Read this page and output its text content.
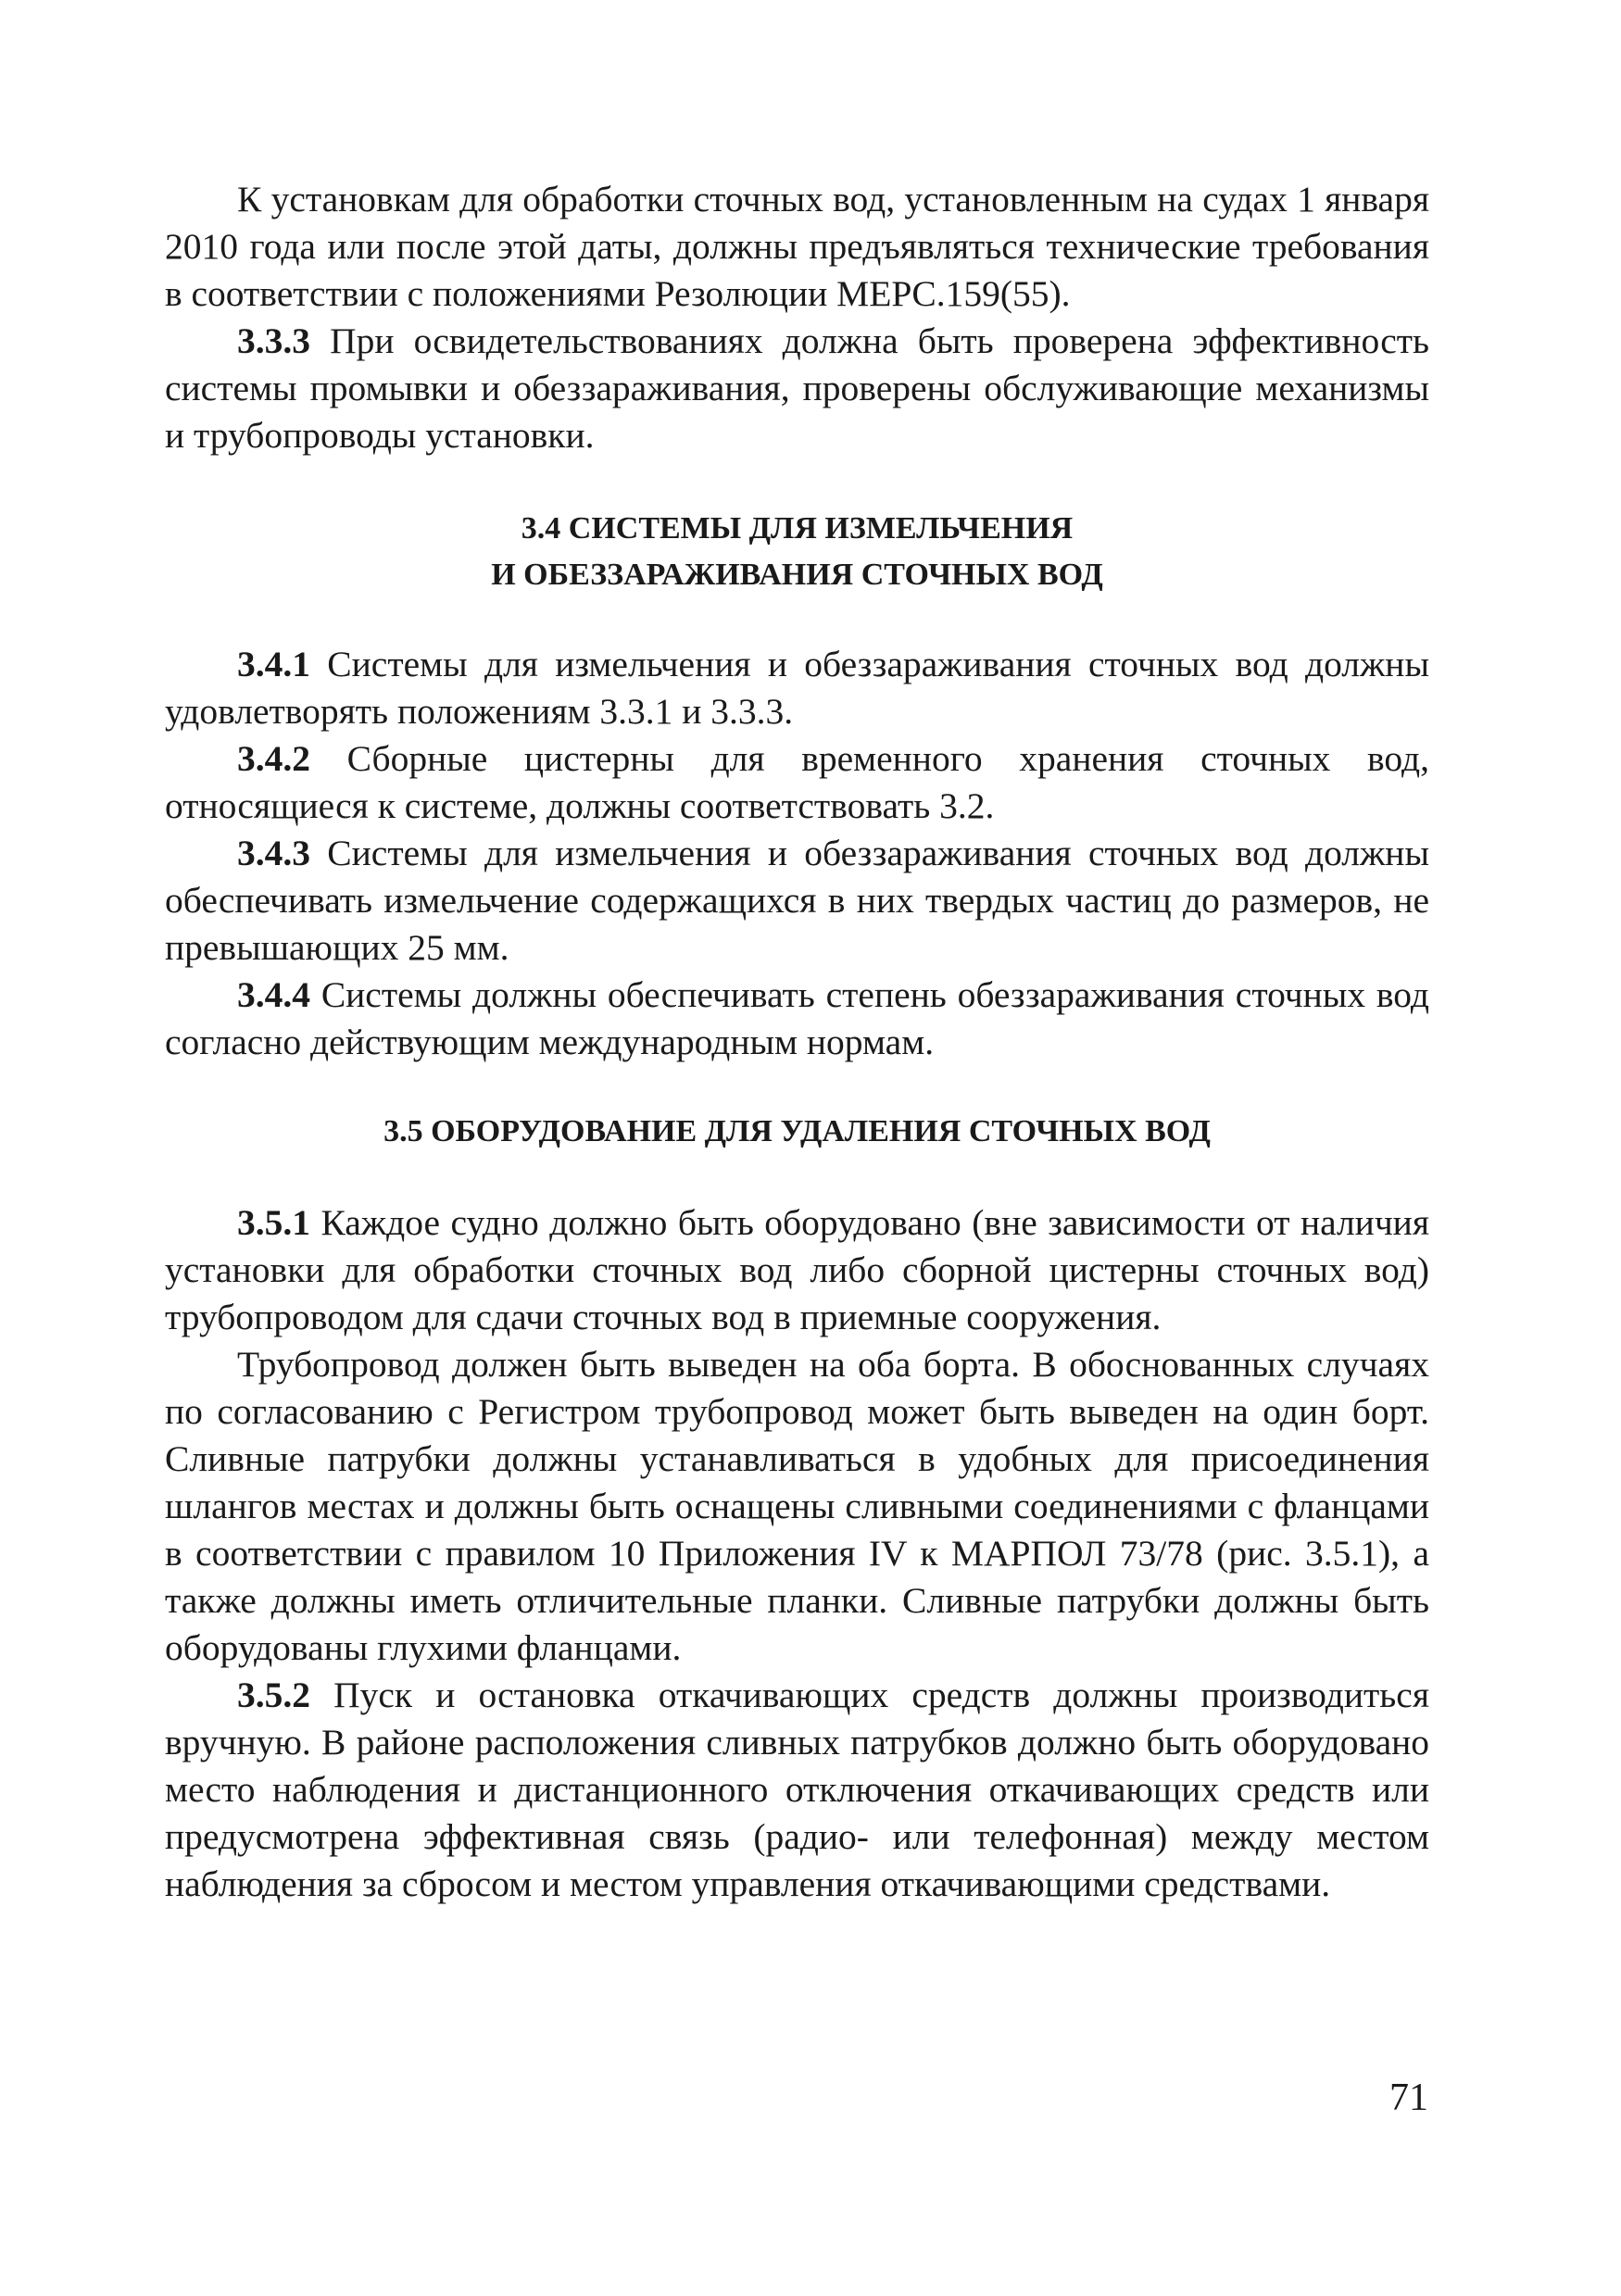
К установкам для обработки сточных вод, установленным на судах 1 января 2010 года или после этой даты, должны предъявляться технические требования в соответствии с положениями Резолюции MEPC.159(55).

3.3.3 При освидетельствованиях должна быть проверена эффективность системы промывки и обеззараживания, проверены обслуживающие механизмы и трубопроводы установки.

3.4 СИСТЕМЫ ДЛЯ ИЗМЕЛЬЧЕНИЯ
И ОБЕЗЗАРАЖИВАНИЯ СТОЧНЫХ ВОД

3.4.1 Системы для измельчения и обеззараживания сточных вод должны удовлетворять положениям 3.3.1 и 3.3.3.

3.4.2 Сборные цистерны для временного хранения сточных вод, относящиеся к системе, должны соответствовать 3.2.

3.4.3 Системы для измельчения и обеззараживания сточных вод должны обеспечивать измельчение содержащихся в них твердых частиц до размеров, не превышающих 25 мм.

3.4.4 Системы должны обеспечивать степень обеззараживания сточных вод согласно действующим международным нормам.

3.5 ОБОРУДОВАНИЕ ДЛЯ УДАЛЕНИЯ СТОЧНЫХ ВОД

3.5.1 Каждое судно должно быть оборудовано (вне зависимости от наличия установки для обработки сточных вод либо сборной цистерны сточных вод) трубопроводом для сдачи сточных вод в приемные сооружения.

Трубопровод должен быть выведен на оба борта. В обоснованных случаях по согласованию с Регистром трубопровод может быть выведен на один борт. Сливные патрубки должны устанавливаться в удобных для присоединения шлангов местах и должны быть оснащены сливными соединениями с фланцами в соответствии с правилом 10 Приложения IV к МАРПОЛ 73/78 (рис. 3.5.1), а также должны иметь отличительные планки. Сливные патрубки должны быть оборудованы глухими фланцами.

3.5.2 Пуск и остановка откачивающих средств должны производиться вручную. В районе расположения сливных патрубков должно быть оборудовано место наблюдения и дистанционного отключения откачивающих средств или предусмотрена эффективная связь (радио- или телефонная) между местом наблюдения за сбросом и местом управления откачивающими средствами.

71
